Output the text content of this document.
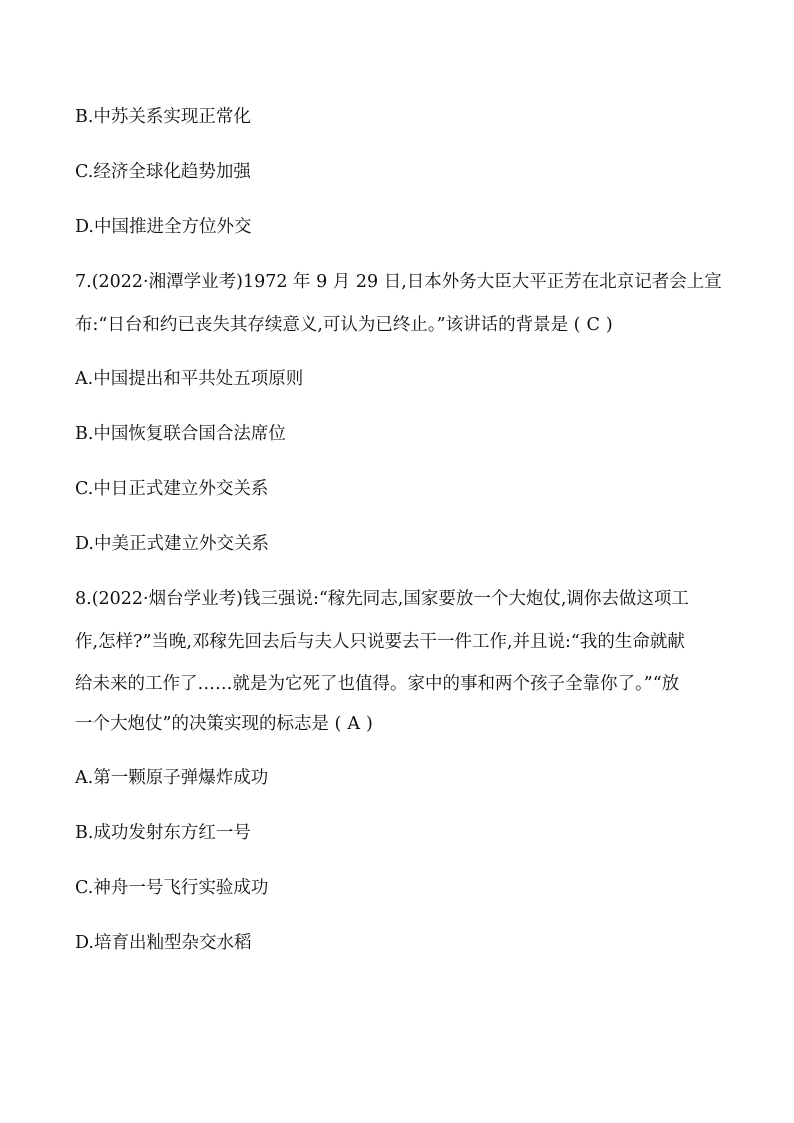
B.中苏关系实现正常化
C.经济全球化趋势加强
D.中国推进全方位外交
7.(2022·湘潭学业考)1972 年 9 月 29 日,日本外务大臣大平正芳在北京记者会上宣
布:“日台和约已丧失其存续意义,可认为已终止。”该讲话的背景是 ( C )
A.中国提出和平共处五项原则
B.中国恢复联合国合法席位
C.中日正式建立外交关系
D.中美正式建立外交关系
8.(2022·烟台学业考)钱三强说:“稼先同志,国家要放一个大炮仗,调你去做这项工
作,怎样?”当晚,邓稼先回去后与夫人只说要去干一件工作,并且说:“我的生命就献
给未来的工作了……就是为它死了也值得。家中的事和两个孩子全靠你了。”“放
一个大炮仗”的决策实现的标志是 ( A )
A.第一颗原子弹爆炸成功
B.成功发射东方红一号
C.神舟一号飞行实验成功
D.培育出籼型杂交水稻
